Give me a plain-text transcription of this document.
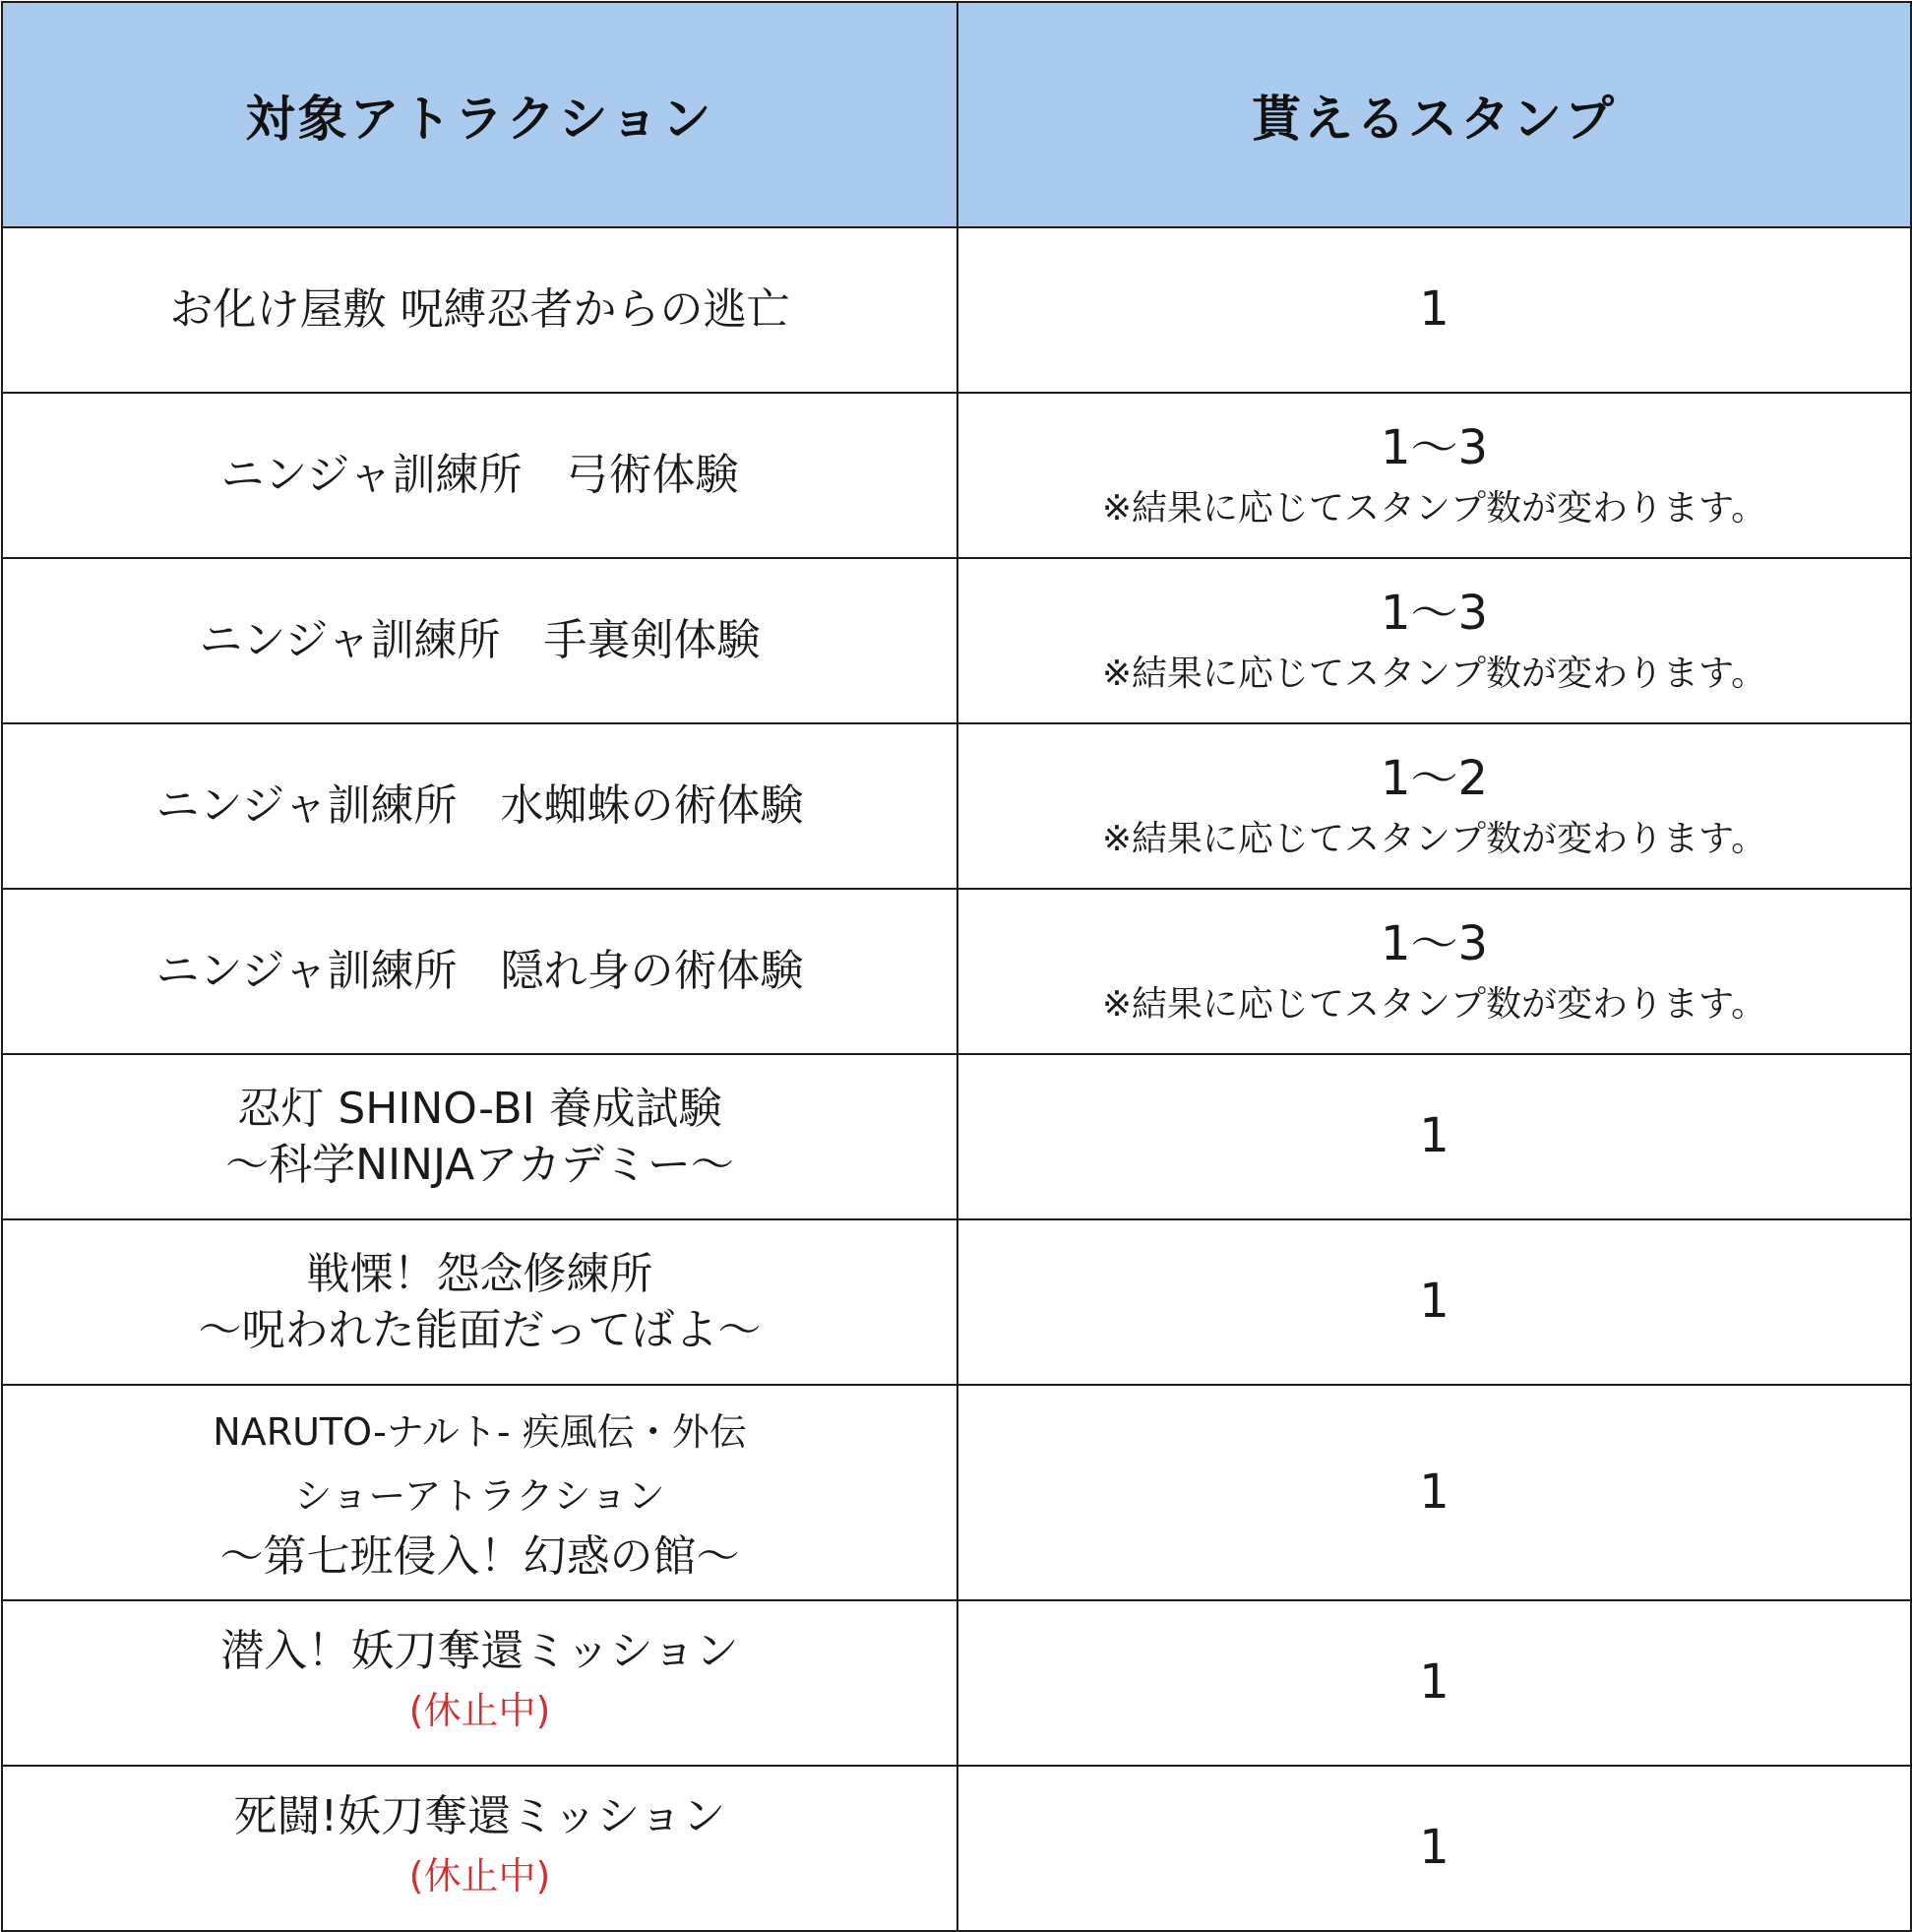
対象アトラクション	貰えるスタンプ

お化け屋敷 呪縛忍者からの逃亡	1

ニンジャ訓練所　弓術体験	1～3
※結果に応じてスタンプ数が変わります。

ニンジャ訓練所　手裏剣体験	1～3
※結果に応じてスタンプ数が変わります。

ニンジャ訓練所　水蜘蛛の術体験	1～2
※結果に応じてスタンプ数が変わります。

ニンジャ訓練所　隠れ身の術体験	1～3
※結果に応じてスタンプ数が変わります。

忍灯 SHINO-BI 養成試験
～科学NINJAアカデミー～	1

戦慄！怨念修練所
～呪われた能面だってばよ～	1

NARUTO-ナルト- 疾風伝・外伝
ショーアトラクション
～第七班侵入！幻惑の館～	1

潜入！妖刀奪還ミッション
(休止中)	1

死闘!妖刀奪還ミッション
(休止中)	1
